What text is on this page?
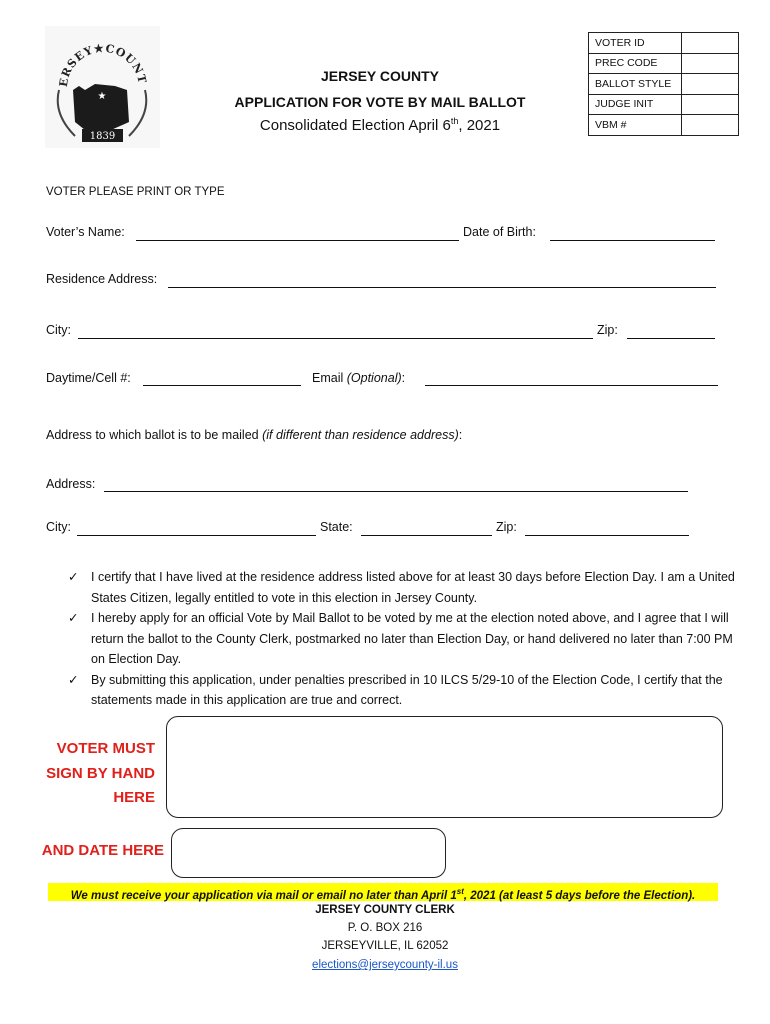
ERSEY★COUNT
★
1839
JERSEY COUNTY
APPLICATION FOR VOTE BY MAIL BALLOT
Consolidated Election April 6th, 2021
VOTER ID	
PREC CODE	
BALLOT STYLE	
JUDGE INIT	
VBM #	
VOTER PLEASE PRINT OR TYPE
Voter’s Name:	Date of Birth:
Residence Address:
City:	Zip:
Daytime/Cell #:	Email (Optional):
Address to which ballot is to be mailed (if different than residence address):
Address:
City:	State:	Zip:
✓ I certify that I have lived at the residence address listed above for at least 30 days before Election Day. I am a United States Citizen, legally entitled to vote in this election in Jersey County.
✓ I hereby apply for an official Vote by Mail Ballot to be voted by me at the election noted above, and I agree that I will return the ballot to the County Clerk, postmarked no later than Election Day, or hand delivered no later than 7:00 PM on Election Day.
✓ By submitting this application, under penalties prescribed in 10 ILCS 5/29-10 of the Election Code, I certify that the statements made in this application are true and correct.
VOTER MUST
SIGN BY HAND
HERE
AND DATE HERE
We must receive your application via mail or email no later than April 1st, 2021 (at least 5 days before the Election).
JERSEY COUNTY CLERK
P. O. BOX 216
JERSEYVILLE, IL 62052
elections@jerseycounty-il.us
